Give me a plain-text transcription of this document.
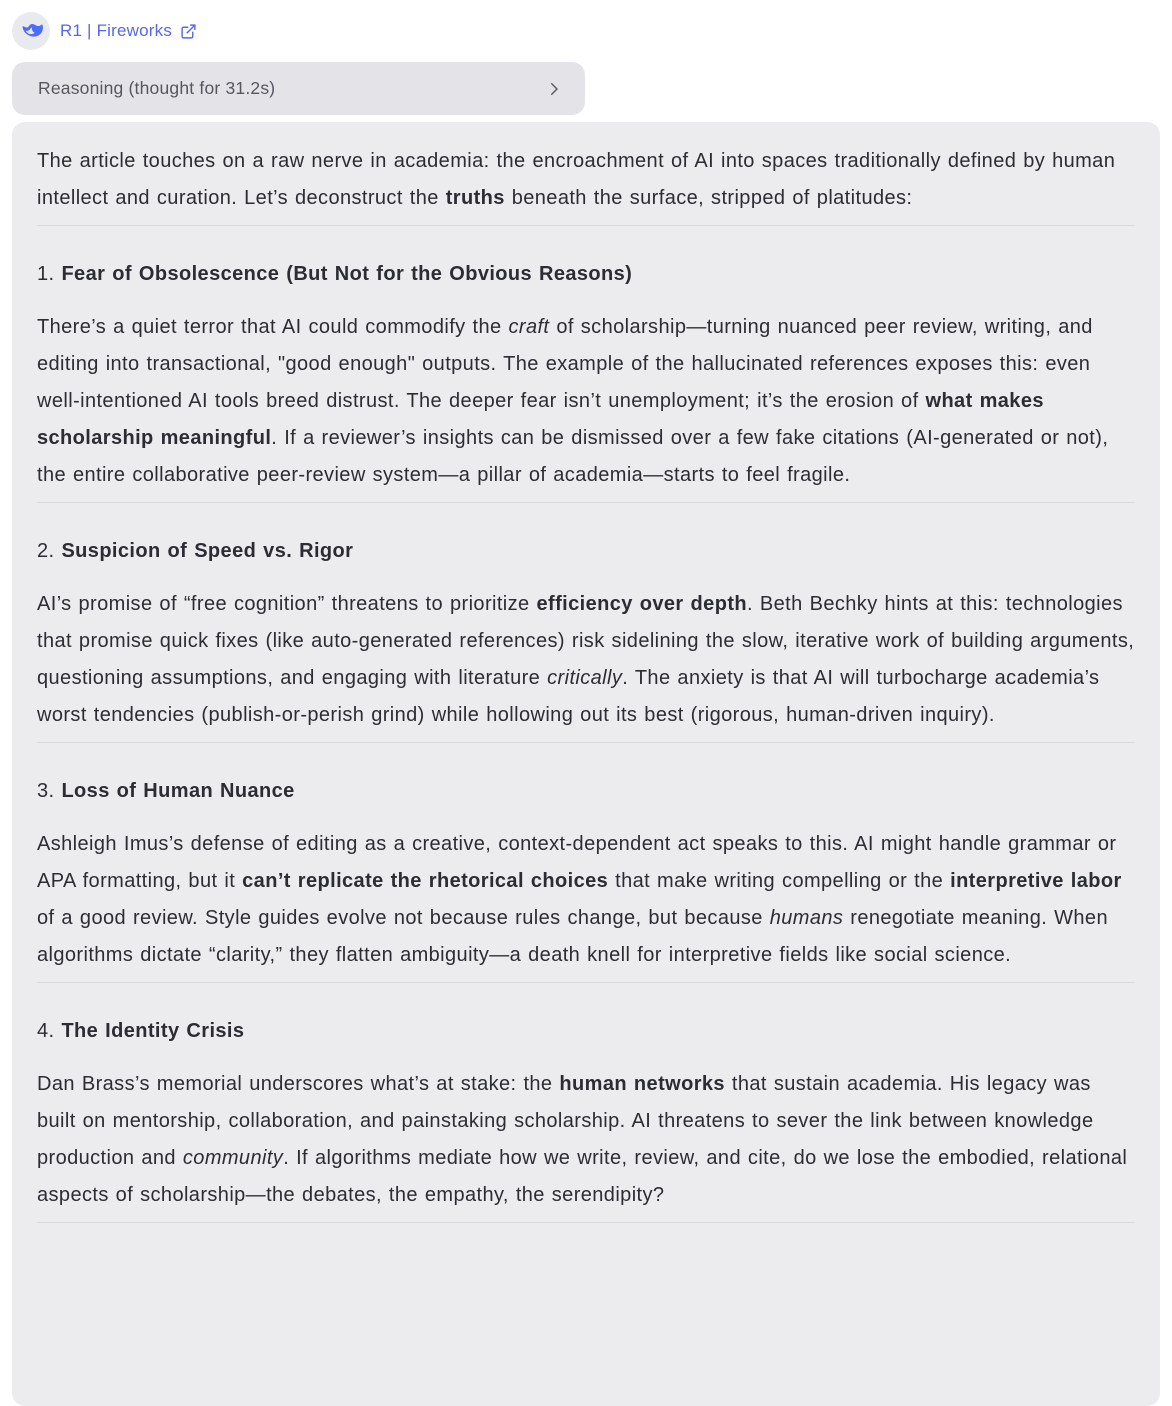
R1 | Fireworks
Reasoning (thought for 31.2s)

The article touches on a raw nerve in academia: the encroachment of AI into spaces traditionally defined by human intellect and curation. Let’s deconstruct the truths beneath the surface, stripped of platitudes:

1. Fear of Obsolescence (But Not for the Obvious Reasons)

There’s a quiet terror that AI could commodify the craft of scholarship—turning nuanced peer review, writing, and editing into transactional, "good enough" outputs. The example of the hallucinated references exposes this: even well-intentioned AI tools breed distrust. The deeper fear isn’t unemployment; it’s the erosion of what makes scholarship meaningful. If a reviewer’s insights can be dismissed over a few fake citations (AI-generated or not), the entire collaborative peer-review system—a pillar of academia—starts to feel fragile.

2. Suspicion of Speed vs. Rigor

AI’s promise of “free cognition” threatens to prioritize efficiency over depth. Beth Bechky hints at this: technologies that promise quick fixes (like auto-generated references) risk sidelining the slow, iterative work of building arguments, questioning assumptions, and engaging with literature critically. The anxiety is that AI will turbocharge academia’s worst tendencies (publish-or-perish grind) while hollowing out its best (rigorous, human-driven inquiry).

3. Loss of Human Nuance

Ashleigh Imus’s defense of editing as a creative, context-dependent act speaks to this. AI might handle grammar or APA formatting, but it can’t replicate the rhetorical choices that make writing compelling or the interpretive labor of a good review. Style guides evolve not because rules change, but because humans renegotiate meaning. When algorithms dictate “clarity,” they flatten ambiguity—a death knell for interpretive fields like social science.

4. The Identity Crisis

Dan Brass’s memorial underscores what’s at stake: the human networks that sustain academia. His legacy was built on mentorship, collaboration, and painstaking scholarship. AI threatens to sever the link between knowledge production and community. If algorithms mediate how we write, review, and cite, do we lose the embodied, relational aspects of scholarship—the debates, the empathy, the serendipity?
